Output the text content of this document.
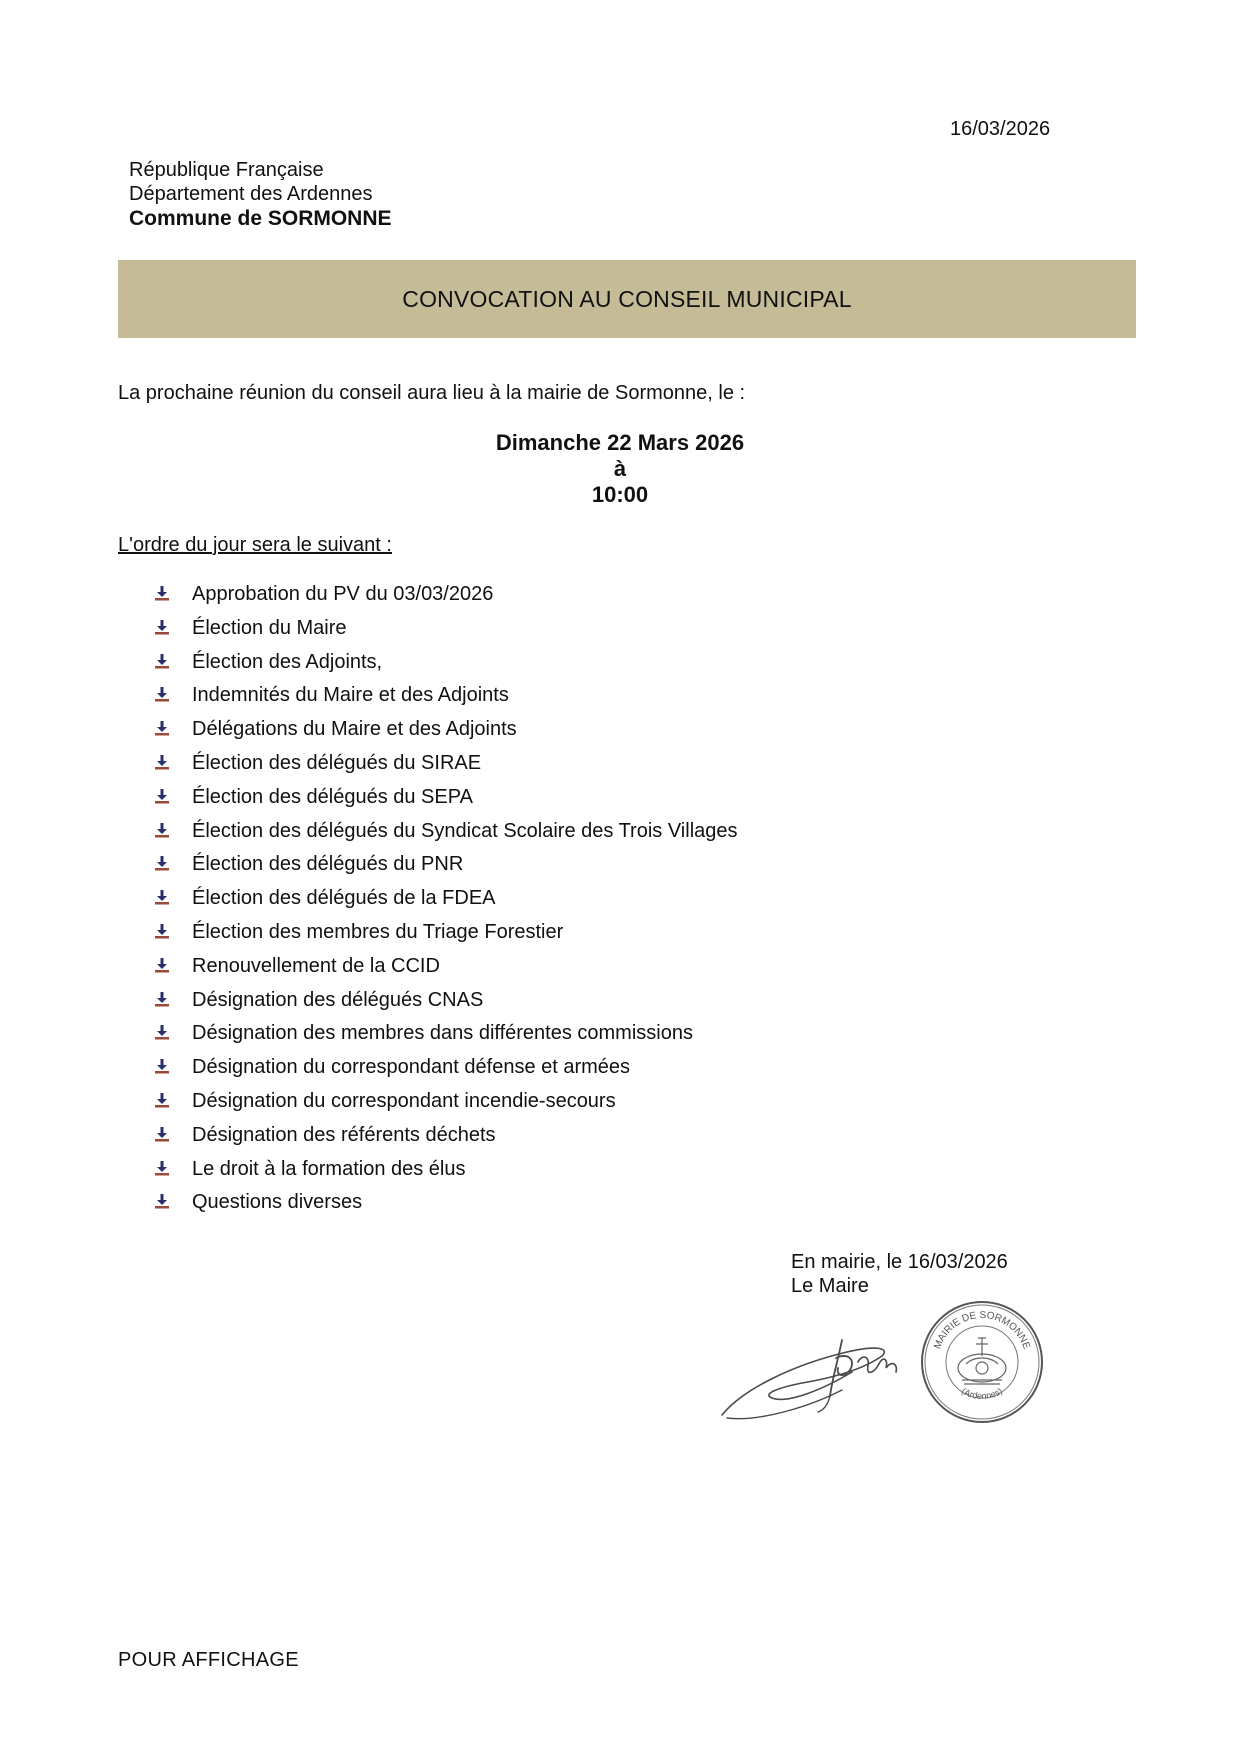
16/03/2026
République Française
Département des Ardennes
Commune de SORMONNE
CONVOCATION AU CONSEIL MUNICIPAL
La prochaine réunion du conseil aura lieu à la mairie de Sormonne, le :
Dimanche 22 Mars 2026
à
10:00
L'ordre du jour sera le suivant :
Approbation du PV du 03/03/2026
Élection du Maire
Élection des Adjoints,
Indemnités du Maire et des Adjoints
Délégations du Maire et des Adjoints
Élection des délégués du SIRAE
Élection des délégués du SEPA
Élection des délégués du Syndicat Scolaire des Trois Villages
Élection des délégués du PNR
Élection des délégués de la FDEA
Élection des membres du Triage Forestier
Renouvellement de la CCID
Désignation des délégués CNAS
Désignation des membres dans différentes commissions
Désignation du correspondant défense et armées
Désignation du correspondant incendie-secours
Désignation des référents déchets
Le droit à la formation des élus
Questions diverses
En mairie, le 16/03/2026
Le Maire
MAIRIE DE SORMONNE
(Ardennes)
POUR AFFICHAGE
